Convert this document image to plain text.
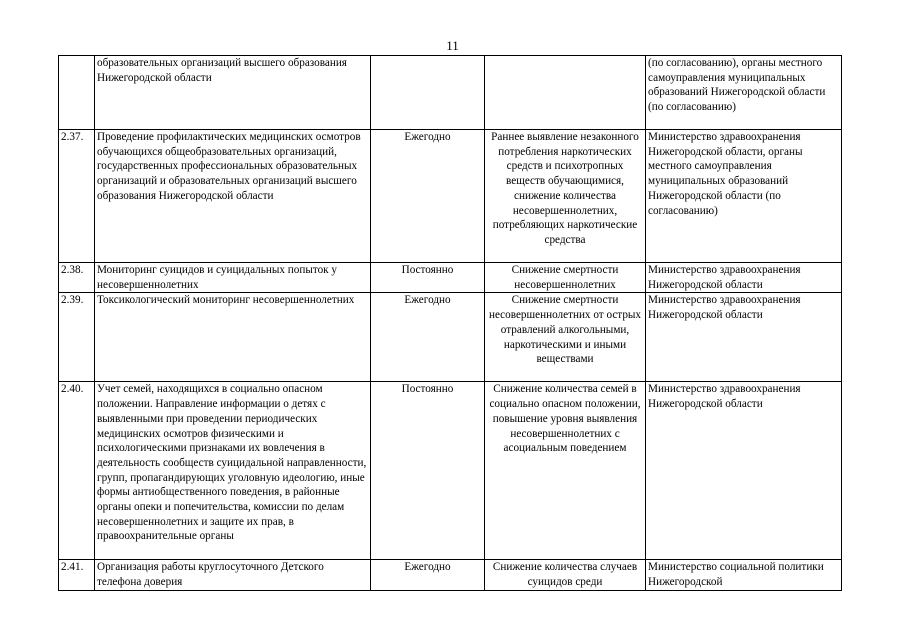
11
	образовательных организаций высшего образования Нижегородской области			(по согласованию), органы местного самоуправления муниципальных образований Нижегородской области (по согласованию)
2.37.	Проведение профилактических медицинских осмотров обучающихся общеобразовательных организаций, государственных профессиональных образовательных организаций и образовательных организаций высшего образования Нижегородской области	Ежегодно	Раннее выявление незаконного потребления наркотических средств и психотропных веществ обучающимися, снижение количества несовершеннолетних, потребляющих наркотические средства	Министерство здравоохранения Нижегородской области, органы местного самоуправления муниципальных образований Нижегородской области (по согласованию)
2.38.	Мониторинг суицидов и суицидальных попыток у несовершеннолетних	Постоянно	Снижение смертности несовершеннолетних	Министерство здравоохранения Нижегородской области
2.39.	Токсикологический мониторинг несовершеннолетних	Ежегодно	Снижение смертности несовершеннолетних от острых отравлений алкогольными, наркотическими и иными веществами	Министерство здравоохранения Нижегородской области
2.40.	Учет семей, находящихся в социально опасном положении. Направление информации о детях с выявленными при проведении периодических медицинских осмотров физическими и психологическими признаками их вовлечения в деятельность сообществ суицидальной направленности, групп, пропагандирующих уголовную идеологию, иные формы антиобщественного поведения, в районные органы опеки и попечительства, комиссии по делам несовершеннолетних и защите их прав, в правоохранительные органы	Постоянно	Снижение количества семей в социально опасном положении, повышение уровня выявления несовершеннолетних с асоциальным поведением	Министерство здравоохранения Нижегородской области
2.41.	Организация работы круглосуточного Детского телефона доверия	Ежегодно	Снижение количества случаев суицидов среди	Министерство социальной политики Нижегородской
